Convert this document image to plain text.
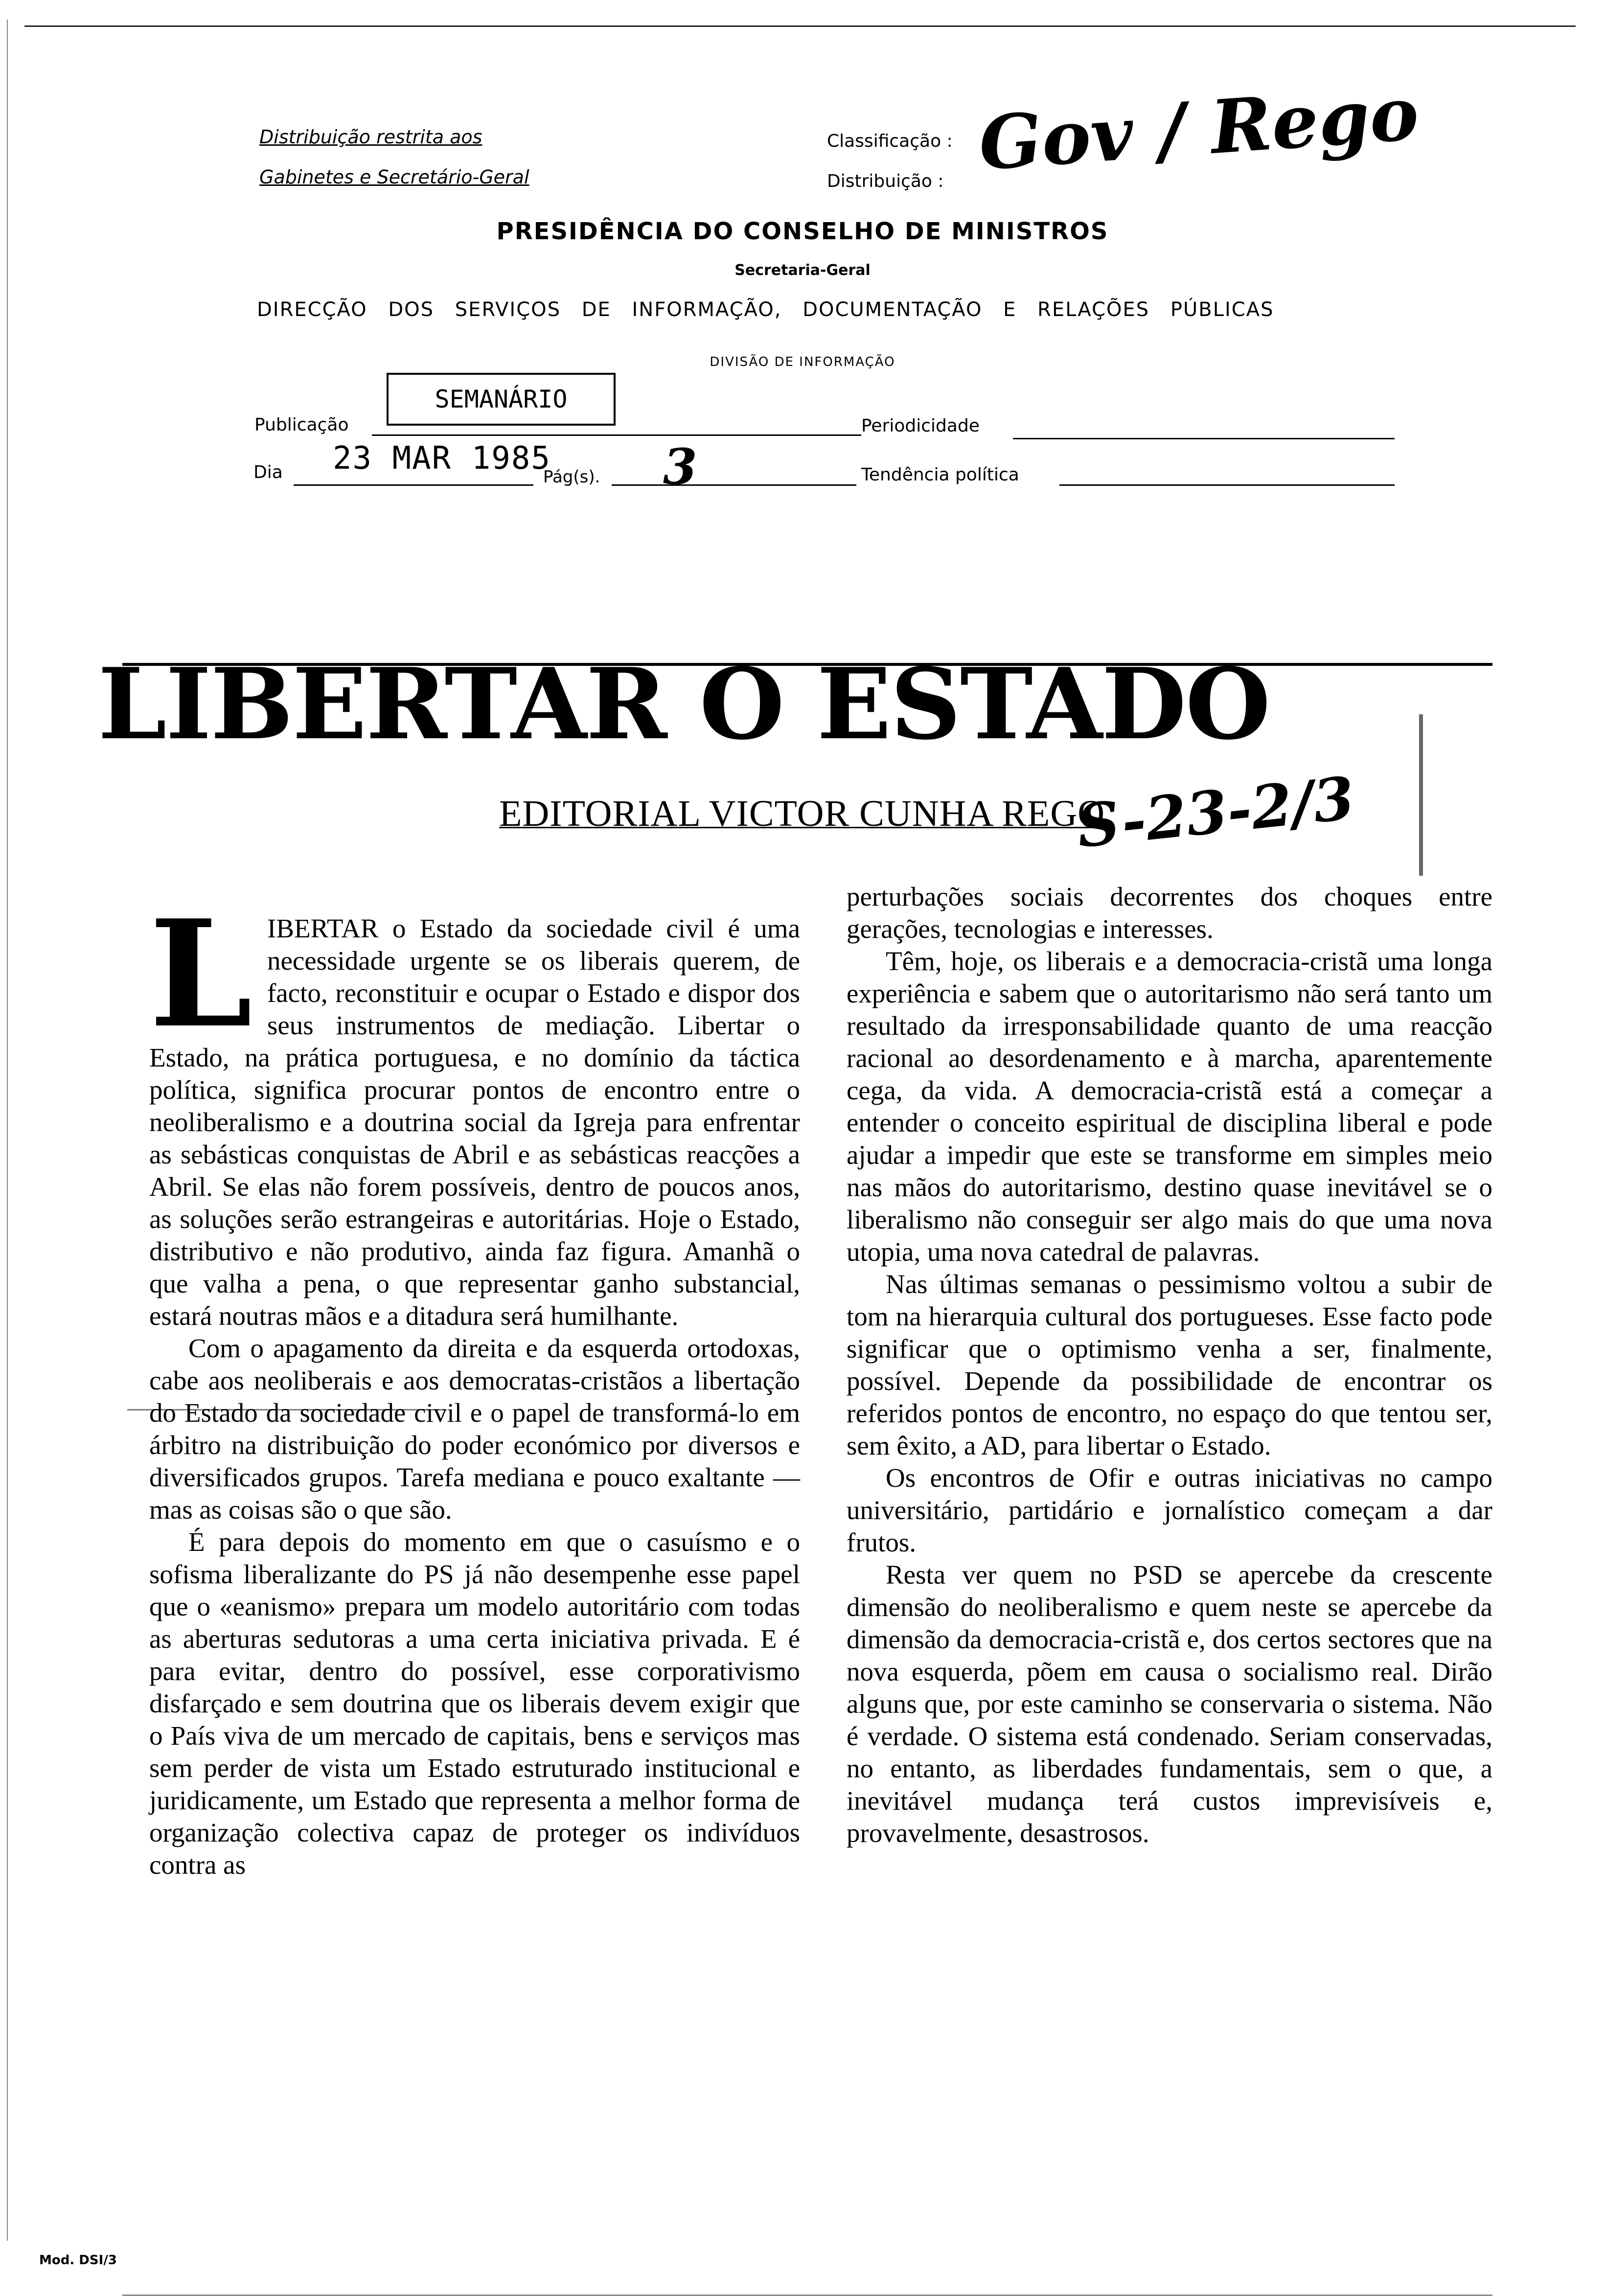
Distribuição restrita aos
Gabinetes e Secretário-Geral
Classificação : Gov / Rego
Distribuição :
PRESIDÊNCIA DO CONSELHO DE MINISTROS
Secretaria-Geral
DIRECÇÃO DOS SERVIÇOS DE INFORMAÇÃO, DOCUMENTAÇÃO E RELAÇÕES PÚBLICAS
DIVISÃO DE INFORMAÇÃO
Publicação
SEMANÁRIO
Periodicidade
Dia 23 MAR 1985
Pág(s). 3	Tendência política
LIBERTAR O ESTADO
EDITORIAL VICTOR CUNHA REGO
S-23-2/3

LIBERTAR o Estado da sociedade civil é uma necessidade urgente se os liberais querem, de facto, reconstituir e ocupar o Estado e dispor dos seus instrumentos de mediação. Libertar o Estado, na prática portuguesa, e no domínio da táctica política, significa procurar pontos de encontro entre o neoliberalismo e a doutrina social da Igreja para enfrentar as sebásticas conquistas de Abril e as sebásticas reacções a Abril. Se elas não forem possíveis, dentro de poucos anos, as soluções serão estrangeiras e autoritárias. Hoje o Estado, distributivo e não produtivo, ainda faz figura. Amanhã o que valha a pena, o que representar ganho substancial, estará noutras mãos e a ditadura será humilhante.

Com o apagamento da direita e da esquerda ortodoxas, cabe aos neoliberais e aos democratas-cristãos a libertação do Estado da sociedade civil e o papel de transformá-lo em árbitro na distribuição do poder económico por diversos e diversificados grupos. Tarefa mediana e pouco exaltante — mas as coisas são o que são.

É para depois do momento em que o casuísmo e o sofisma liberalizante do PS já não desempenhe esse papel que o «eanismo» prepara um modelo autoritário com todas as aberturas sedutoras a uma certa iniciativa privada. E é para evitar, dentro do possível, esse corporativismo disfarçado e sem doutrina que os liberais devem exigir que o País viva de um mercado de capitais, bens e serviços mas sem perder de vista um Estado estruturado institucional e juridicamente, um Estado que representa a melhor forma de organização colectiva capaz de proteger os indivíduos contra as

perturbações sociais decorrentes dos choques entre gerações, tecnologias e interesses.

Têm, hoje, os liberais e a democracia-cristã uma longa experiência e sabem que o autoritarismo não será tanto um resultado da irresponsabilidade quanto de uma reacção racional ao desordenamento e à marcha, aparentemente cega, da vida. A democracia-cristã está a começar a entender o conceito espiritual de disciplina liberal e pode ajudar a impedir que este se transforme em simples meio nas mãos do autoritarismo, destino quase inevitável se o liberalismo não conseguir ser algo mais do que uma nova utopia, uma nova catedral de palavras.

Nas últimas semanas o pessimismo voltou a subir de tom na hierarquia cultural dos portugueses. Esse facto pode significar que o optimismo venha a ser, finalmente, possível. Depende da possibilidade de encontrar os referidos pontos de encontro, no espaço do que tentou ser, sem êxito, a AD, para libertar o Estado.

Os encontros de Ofir e outras iniciativas no campo universitário, partidário e jornalístico começam a dar frutos.

Resta ver quem no PSD se apercebe da crescente dimensão do neoliberalismo e quem neste se apercebe da dimensão da democracia-cristã e, dos certos sectores que na nova esquerda, põem em causa o socialismo real. Dirão alguns que, por este caminho se conservaria o sistema. Não é verdade. O sistema está condenado. Seriam conservadas, no entanto, as liberdades fundamentais, sem o que, a inevitável mudança terá custos imprevisíveis e, provavelmente, desastrosos.

Mod. DSI/3
